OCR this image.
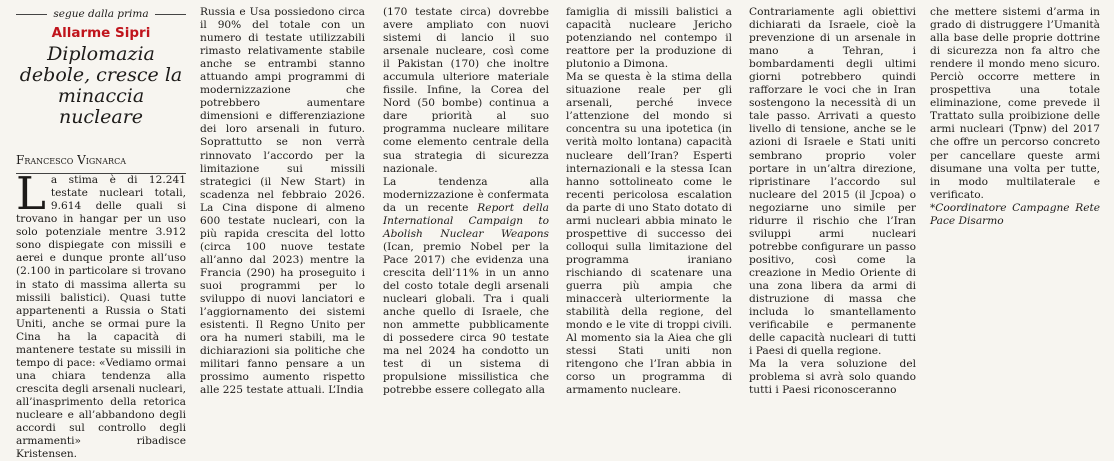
segue dalla prima
Allarme Sipri
Diplomazia debole, cresce la minaccia nucleare
Francesco Vignarca

La stima è di 12.241 testate nucleari totali, 9.614 delle quali si trovano in hangar per un uso solo potenziale mentre 3.912 sono dispiegate con missili e aerei e dunque pronte all’uso (2.100 in particolare si trovano in stato di massima allerta su missili balistici). Quasi tutte appartenenti a Russia o Stati Uniti, anche se ormai pure la Cina ha la capacità di mantenere testate su missili in tempo di pace: «Vediamo ormai una chiara tendenza alla crescita degli arsenali nucleari, all’inasprimento della retorica nucleare e all’abbandono degli accordi sul controllo degli armamenti» ribadisce Kristensen.

Russia e Usa possiedono circa il 90% del totale con un numero di testate utilizzabili rimasto relativamente stabile anche se entrambi stanno attuando ampi programmi di modernizzazione che potrebbero aumentare dimensioni e differenziazione dei loro arsenali in futuro. Soprattutto se non verrà rinnovato l’accordo per la limitazione sui missili strategici (il New Start) in scadenza nel febbraio 2026. La Cina dispone di almeno 600 testate nucleari, con la più rapida crescita del lotto (circa 100 nuove testate all’anno dal 2023) mentre la Francia (290) ha proseguito i suoi programmi per lo sviluppo di nuovi lanciatori e l’aggiornamento dei sistemi esistenti. Il Regno Unito per ora ha numeri stabili, ma le dichiarazioni sia politiche che militari fanno pensare a un prossimo aumento rispetto alle 225 testate attuali. L’India

(170 testate circa) dovrebbe avere ampliato con nuovi sistemi di lancio il suo arsenale nucleare, così come il Pakistan (170) che inoltre accumula ulteriore materiale fissile. Infine, la Corea del Nord (50 bombe) continua a dare priorità al suo programma nucleare militare come elemento centrale della sua strategia di sicurezza nazionale.

La tendenza alla modernizzazione è confermata da un recente Report della International Campaign to Abolish Nuclear Weapons (Ican, premio Nobel per la Pace 2017) che evidenza una crescita dell’11% in un anno del costo totale degli arsenali nucleari globali. Tra i quali anche quello di Israele, che non ammette pubblicamente di possedere circa 90 testate ma nel 2024 ha condotto un test di un sistema di propulsione missilistica che potrebbe essere collegato alla

famiglia di missili balistici a capacità nucleare Jericho potenziando nel contempo il reattore per la produzione di plutonio a Dimona.

Ma se questa è la stima della situazione reale per gli arsenali, perché invece l’attenzione del mondo si concentra su una ipotetica (in verità molto lontana) capacità nucleare dell’Iran? Esperti internazionali e la stessa Ican hanno sottolineato come le recenti pericolosa escalation da parte di uno Stato dotato di armi nucleari abbia minato le prospettive di successo dei colloqui sulla limitazione del programma iraniano rischiando di scatenare una guerra più ampia che minaccerà ulteriormente la stabilità della regione, del mondo e le vite di troppi civili. Al momento sia la Aiea che gli stessi Stati uniti non ritengono che l’Iran abbia in corso un programma di armamento nucleare.

Contrariamente agli obiettivi dichiarati da Israele, cioè la prevenzione di un arsenale in mano a Tehran, i bombardamenti degli ultimi giorni potrebbero quindi rafforzare le voci che in Iran sostengono la necessità di un tale passo. Arrivati a questo livello di tensione, anche se le azioni di Israele e Stati uniti sembrano proprio voler portare in un’altra direzione, ripristinare l’accordo sul nucleare del 2015 (il Jcpoa) o negoziarne uno simile per ridurre il rischio che l’Iran sviluppi armi nucleari potrebbe configurare un passo positivo, così come la creazione in Medio Oriente di una zona libera da armi di distruzione di massa che includa lo smantellamento verificabile e permanente delle capacità nucleari di tutti i Paesi di quella regione.

Ma la vera soluzione del problema si avrà solo quando tutti i Paesi riconosceranno

che mettere sistemi d’arma in grado di distruggere l’Umanità alla base delle proprie dottrine di sicurezza non fa altro che rendere il mondo meno sicuro. Perciò occorre mettere in prospettiva una totale eliminazione, come prevede il Trattato sulla proibizione delle armi nucleari (Tpnw) del 2017 che offre un percorso concreto per cancellare queste armi disumane una volta per tutte, in modo multilaterale e verificato.

*Coordinatore Campagne Rete Pace Disarmo
